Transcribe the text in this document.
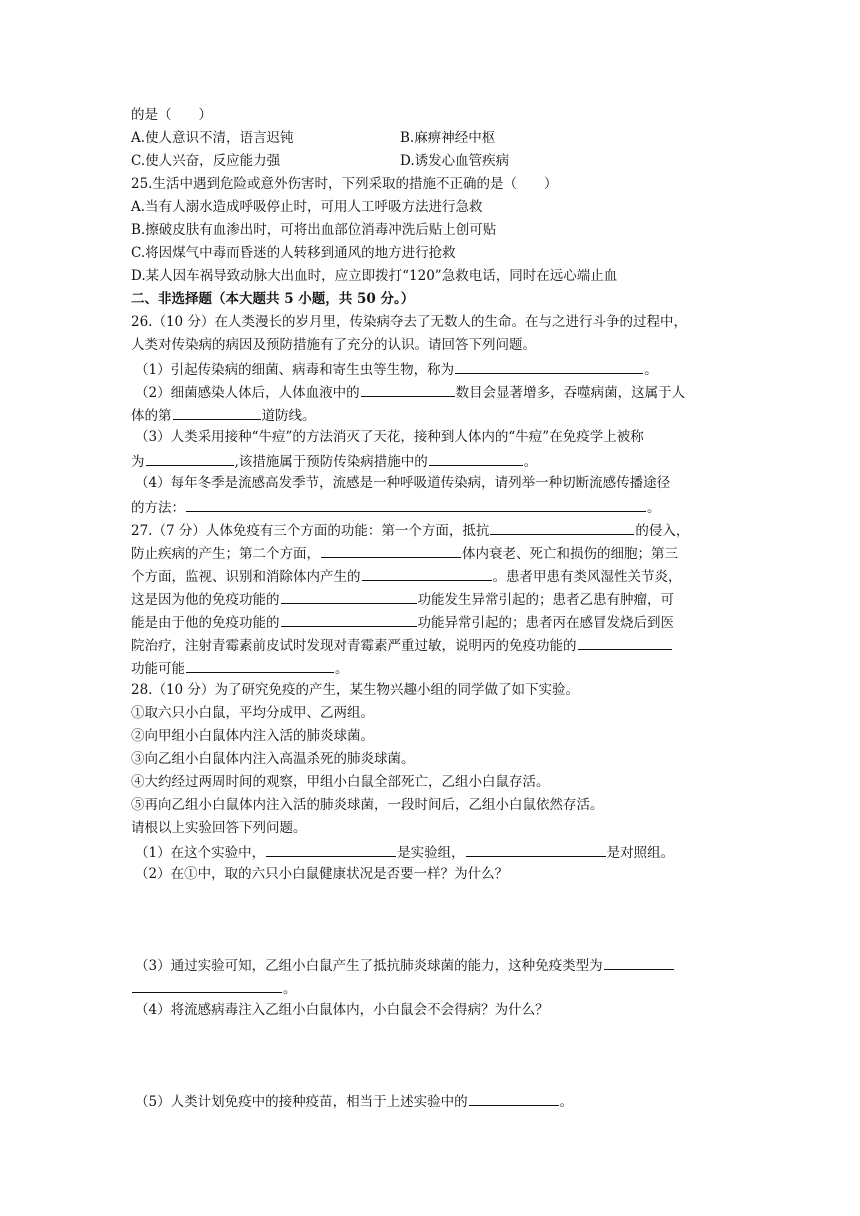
的是（　　）
A.使人意识不清，语言迟钝	B.麻痹神经中枢
C.使人兴奋，反应能力强	D.诱发心血管疾病
25.生活中遇到危险或意外伤害时，下列采取的措施不正确的是（　　）
A.当有人溺水造成呼吸停止时，可用人工呼吸方法进行急救
B.擦破皮肤有血渗出时，可将出血部位消毒冲洗后贴上创可贴
C.将因煤气中毒而昏迷的人转移到通风的地方进行抢救
D.某人因车祸导致动脉大出血时，应立即拨打“120”急救电话，同时在远心端止血
二、非选择题（本大题共 5 小题，共 50 分。）
26.（10 分）在人类漫长的岁月里，传染病夺去了无数人的生命。在与之进行斗争的过程中，
人类对传染病的病因及预防措施有了充分的认识。请回答下列问题。
（1）引起传染病的细菌、病毒和寄生虫等生物，称为	。
（2）细菌感染人体后，人体血液中的	数目会显著增多，吞噬病菌，这属于人
体的第	道防线。
（3）人类采用接种“牛痘”的方法消灭了天花，接种到人体内的“牛痘”在免疫学上被称
为	,该措施属于预防传染病措施中的	。
（4）每年冬季是流感高发季节，流感是一种呼吸道传染病，请列举一种切断流感传播途径
的方法：	。
27.（7 分）人体免疫有三个方面的功能：第一个方面，抵抗	的侵入，
防止疾病的产生；第二个方面，	体内衰老、死亡和损伤的细胞；第三
个方面，监视、识别和消除体内产生的	。患者甲患有类风湿性关节炎，
这是因为他的免疫功能的	功能发生异常引起的；患者乙患有肿瘤，可
能是由于他的免疫功能的	功能异常引起的；患者丙在感冒发烧后到医
院治疗，注射青霉素前皮试时发现对青霉素严重过敏，说明丙的免疫功能的
功能可能	。
28.（10 分）为了研究免疫的产生，某生物兴趣小组的同学做了如下实验。
①取六只小白鼠，平均分成甲、乙两组。
②向甲组小白鼠体内注入活的肺炎球菌。
③向乙组小白鼠体内注入高温杀死的肺炎球菌。
④大约经过两周时间的观察，甲组小白鼠全部死亡，乙组小白鼠存活。
⑤再向乙组小白鼠体内注入活的肺炎球菌，一段时间后，乙组小白鼠依然存活。
请根以上实验回答下列问题。
（1）在这个实验中，	是实验组，	是对照组。
（2）在①中，取的六只小白鼠健康状况是否要一样？为什么？
（3）通过实验可知，乙组小白鼠产生了抵抗肺炎球菌的能力，这种免疫类型为
。
（4）将流感病毒注入乙组小白鼠体内，小白鼠会不会得病？为什么？
（5）人类计划免疫中的接种疫苗，相当于上述实验中的	。
